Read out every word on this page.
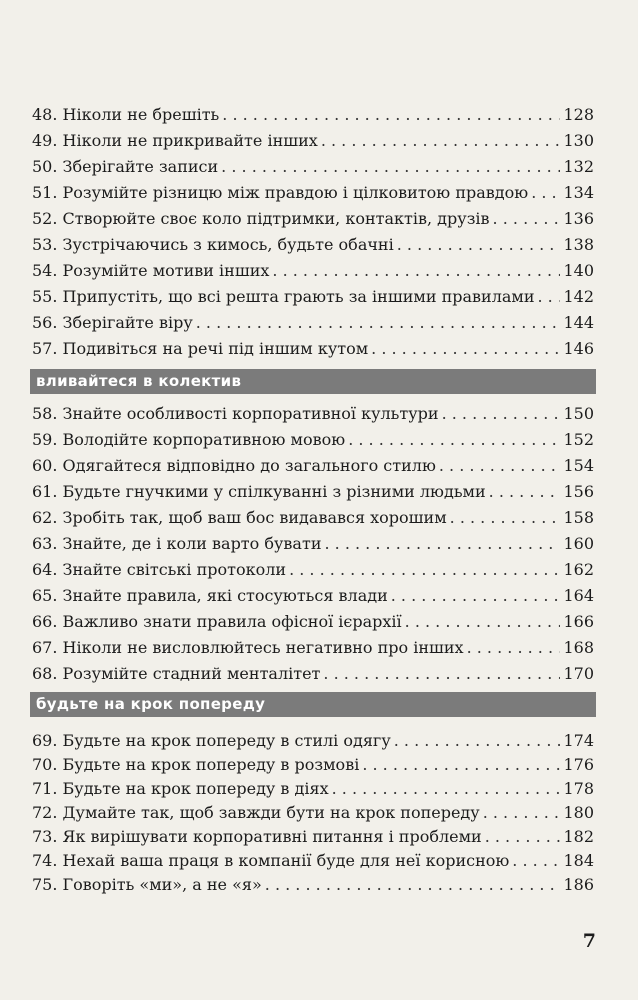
48. Ніколи не брешіть . . .	128
49. Ніколи не прикривайте інших . . .	130
50. Зберігайте записи . . .	132
51. Розумійте різницю між правдою і цілковитою правдою . . . 134
52. Створюйте своє коло підтримки, контактів, друзів . . .	136
53. Зустрічаючись з кимось, будьте обачні . . .	138
54. Розумійте мотиви інших . . .	140
55. Припустіть, що всі решта грають за іншими правилами . . . 142
56. Зберігайте віру . . .	144
57. Подивіться на речі під іншим кутом . . .	146
вливайтеся в колектив
58. Знайте особливості корпоративної культури . . .	150
59. Володійте корпоративною мовою . . .	152
60. Одягайтеся відповідно до загального стилю . . .	154
61. Будьте гнучкими у спілкуванні з різними людьми . . .	156
62. Зробіть так, щоб ваш бос видавався хорошим . . .	158
63. Знайте, де і коли варто бувати . . .	160
64. Знайте світські протоколи . . .	162
65. Знайте правила, які стосуються влади . . .	164
66. Важливо знати правила офісної ієрархії . . .	166
67. Ніколи не висловлюйтесь негативно про інших . . .	168
68. Розумійте стадний менталітет . . .	170
будьте на крок попереду
69. Будьте на крок попереду в стилі одягу . . .	174
70. Будьте на крок попереду в розмові . . .	176
71. Будьте на крок попереду в діях . . .	178
72. Думайте так, щоб завжди бути на крок попереду . . .	180
73. Як вирішувати корпоративні питання і проблеми . . .	182
74. Нехай ваша праця в компанії буде для неї корисною . . .	184
75. Говоріть «ми», а не «я» . . .	186
7
